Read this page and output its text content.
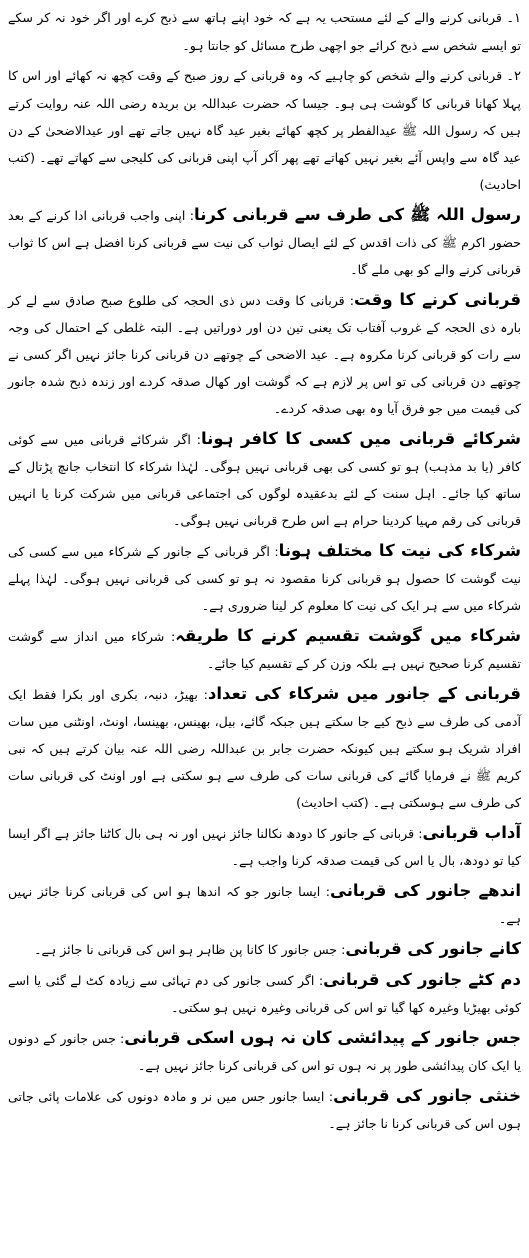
۱۔ قربانی کرنے والے کے لئے مستحب یہ ہے کہ خود اپنے ہاتھ سے ذبح کرے اور اگر خود نہ کر سکے تو ایسے شخص سے ذبح کرائے جو اچھی طرح مسائل کو جانتا ہو۔
۲۔ قربانی کرنے والے شخص کو چاہیے کہ وہ قربانی کے روز صبح کے وقت کچھ نہ کھائے اور اس کا پہلا کھانا قربانی کا گوشت ہی ہو۔ جیسا کہ حضرت عبداللہ بن بریدہ رضی اللہ عنہ روایت کرتے ہیں کہ رسول اللہ ﷺ عیدالفطر پر کچھ کھائے بغیر عید گاہ نہیں جاتے تھے اور عیدالاضحیٰ کے دن عید گاہ سے واپس آئے بغیر نہیں کھاتے تھے پھر آکر آپ اپنی قربانی کی کلیجی سے کھاتے تھے۔ (کتب احادیث)
رسول اللہ ﷺ کی طرف سے قربانی کرنا: اپنی واجب قربانی ادا کرنے کے بعد حضور اکرم ﷺ کی ذات اقدس کے لئے ایصال ثواب کی نیت سے قربانی کرنا افضل ہے اس کا ثواب قربانی کرنے والے کو بھی ملے گا۔
قربانی کرنے کا وقت: قربانی کا وقت دس ذی الحجہ کی طلوع صبح صادق سے لے کر بارہ ذی الحجہ کے غروب آفتاب تک یعنی تین دن اور دوراتیں ہے۔ البتہ غلطی کے احتمال کی وجہ سے رات کو قربانی کرنا مکروہ ہے۔ عید الاضحی کے چوتھے دن قربانی کرنا جائز نہیں اگر کسی نے چوتھے دن قربانی کی تو اس پر لازم ہے کہ گوشت اور کھال صدقہ کردے اور زندہ ذبح شدہ جانور کی قیمت میں جو فرق آیا وہ بھی صدقہ کردے۔
شرکائے قربانی میں کسی کا کافر ہونا: اگر شرکائے قربانی میں سے کوئی کافر (یا بد مذہب) ہو تو کسی کی بھی قربانی نہیں ہوگی۔ لہٰذا شرکاء کا انتخاب جانچ پڑتال کے ساتھ کیا جائے۔ اہل سنت کے لئے بدعقیدہ لوگوں کی اجتماعی قربانی میں شرکت کرنا یا انہیں قربانی کی رقم مہیا کردینا حرام ہے اس طرح قربانی نہیں ہوگی۔
شرکاء کی نیت کا مختلف ہونا: اگر قربانی کے جانور کے شرکاء میں سے کسی کی نیت گوشت کا حصول ہو قربانی کرنا مقصود نہ ہو تو کسی کی قربانی نہیں ہوگی۔ لہٰذا پہلے شرکاء میں سے ہر ایک کی نیت کا معلوم کر لینا ضروری ہے۔
شرکاء میں گوشت تقسیم کرنے کا طریقہ: شرکاء میں انداز سے گوشت تقسیم کرنا صحیح نہیں ہے بلکہ وزن کر کے تقسیم کیا جائے۔
قربانی کے جانور میں شرکاء کی تعداد: بھیڑ، دنبہ، بکری اور بکرا فقط ایک آدمی کی طرف سے ذبح کیے جا سکتے ہیں جبکہ گائے، بیل، بھینس، بھینسا، اونٹ، اونٹنی میں سات افراد شریک ہو سکتے ہیں کیونکہ حضرت جابر بن عبداللہ رضی اللہ عنہ بیان کرتے ہیں کہ نبی کریم ﷺ نے فرمایا گائے کی قربانی سات کی طرف سے ہو سکتی ہے اور اونٹ کی قربانی سات کی طرف سے ہوسکتی ہے۔ (کتب احادیث)
آداب قربانی: قربانی کے جانور کا دودھ نکالنا جائز نہیں اور نہ ہی بال کاٹنا جائز ہے اگر ایسا کیا تو دودھ، بال یا اس کی قیمت صدقہ کرنا واجب ہے۔
اندھے جانور کی قربانی: ایسا جانور جو کہ اندھا ہو اس کی قربانی کرنا جائز نہیں ہے۔
کانے جانور کی قربانی: جس جانور کا کانا پن ظاہر ہو اس کی قربانی نا جائز ہے۔
دم کٹے جانور کی قربانی: اگر کسی جانور کی دم تہائی سے زیادہ کٹ لے گئی یا اسے کوئی بھیڑیا وغیرہ کھا گیا تو اس کی قربانی وغیرہ نہیں ہو سکتی۔
جس جانور کے پیدائشی کان نہ ہوں اسکی قربانی: جس جانور کے دونوں یا ایک کان پیدائشی طور پر نہ ہوں تو اس کی قربانی کرنا جائز نہیں ہے۔
خنثی جانور کی قربانی: ایسا جانور جس میں نر و مادہ دونوں کی علامات پائی جاتی ہوں اس کی قربانی کرنا نا جائز ہے۔
